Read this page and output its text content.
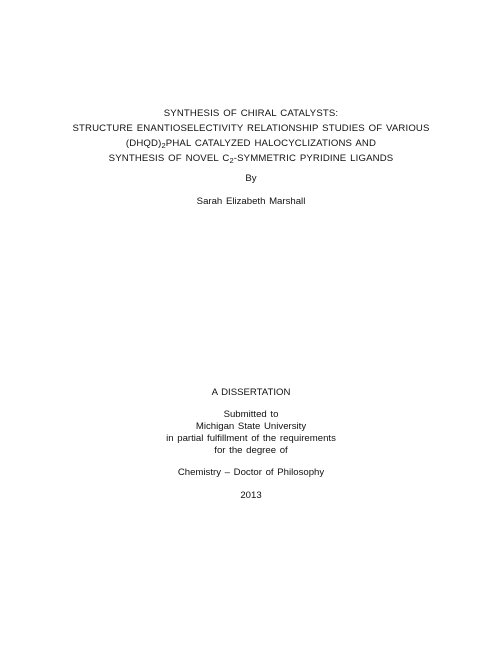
SYNTHESIS OF CHIRAL CATALYSTS:
STRUCTURE ENANTIOSELECTIVITY RELATIONSHIP STUDIES OF VARIOUS
$(DHQD)_2PHAL$ CATALYZED HALOCYCLIZATIONS AND
SYNTHESIS OF NOVEL $C_2$-SYMMETRIC PYRIDINE LIGANDS
By
Sarah Elizabeth Marshall
A DISSERTATION
Submitted to
Michigan State University
in partial fulfillment of the requirements
for the degree of
Chemistry – Doctor of Philosophy
2013
